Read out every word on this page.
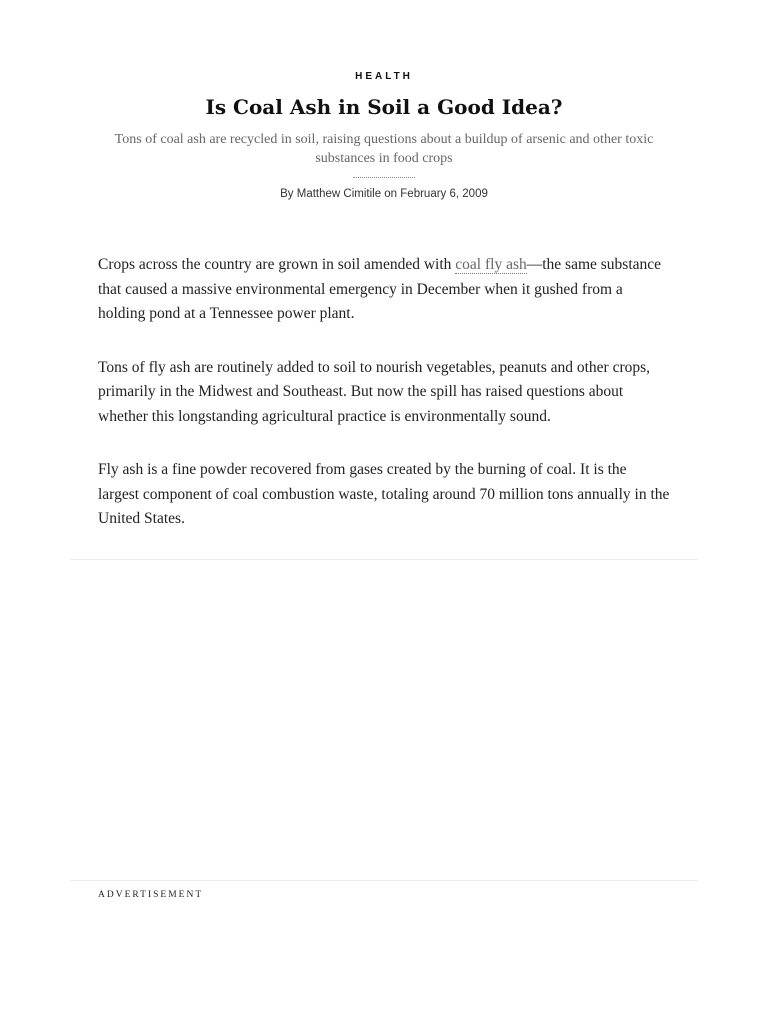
HEALTH
Is Coal Ash in Soil a Good Idea?

Tons of coal ash are recycled in soil, raising questions about a buildup of arsenic and other toxic substances in food crops

By Matthew Cimitile on February 6, 2009

Crops across the country are grown in soil amended with coal fly ash—the same substance that caused a massive environmental emergency in December when it gushed from a holding pond at a Tennessee power plant.

Tons of fly ash are routinely added to soil to nourish vegetables, peanuts and other crops, primarily in the Midwest and Southeast. But now the spill has raised questions about whether this longstanding agricultural practice is environmentally sound.

Fly ash is a fine powder recovered from gases created by the burning of coal. It is the largest component of coal combustion waste, totaling around 70 million tons annually in the United States.

ADVERTISEMENT
